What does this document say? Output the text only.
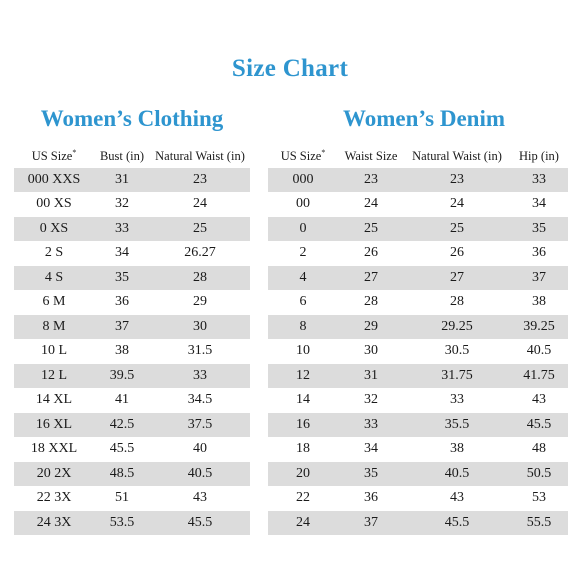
Size Chart
Women’s Clothing	Women’s Denim
US Size*	Bust (in)	Natural Waist (in)
000 XXS	31	23
00 XS	32	24
0 XS	33	25
2 S	34	26.27
4 S	35	28
6 M	36	29
8 M	37	30
10 L	38	31.5
12 L	39.5	33
14 XL	41	34.5
16 XL	42.5	37.5
18 XXL	45.5	40
20 2X	48.5	40.5
22 3X	51	43
24 3X	53.5	45.5
US Size*	Waist Size	Natural Waist (in)	Hip (in)
000	23	23	33
00	24	24	34
0	25	25	35
2	26	26	36
4	27	27	37
6	28	28	38
8	29	29.25	39.25
10	30	30.5	40.5
12	31	31.75	41.75
14	32	33	43
16	33	35.5	45.5
18	34	38	48
20	35	40.5	50.5
22	36	43	53
24	37	45.5	55.5
